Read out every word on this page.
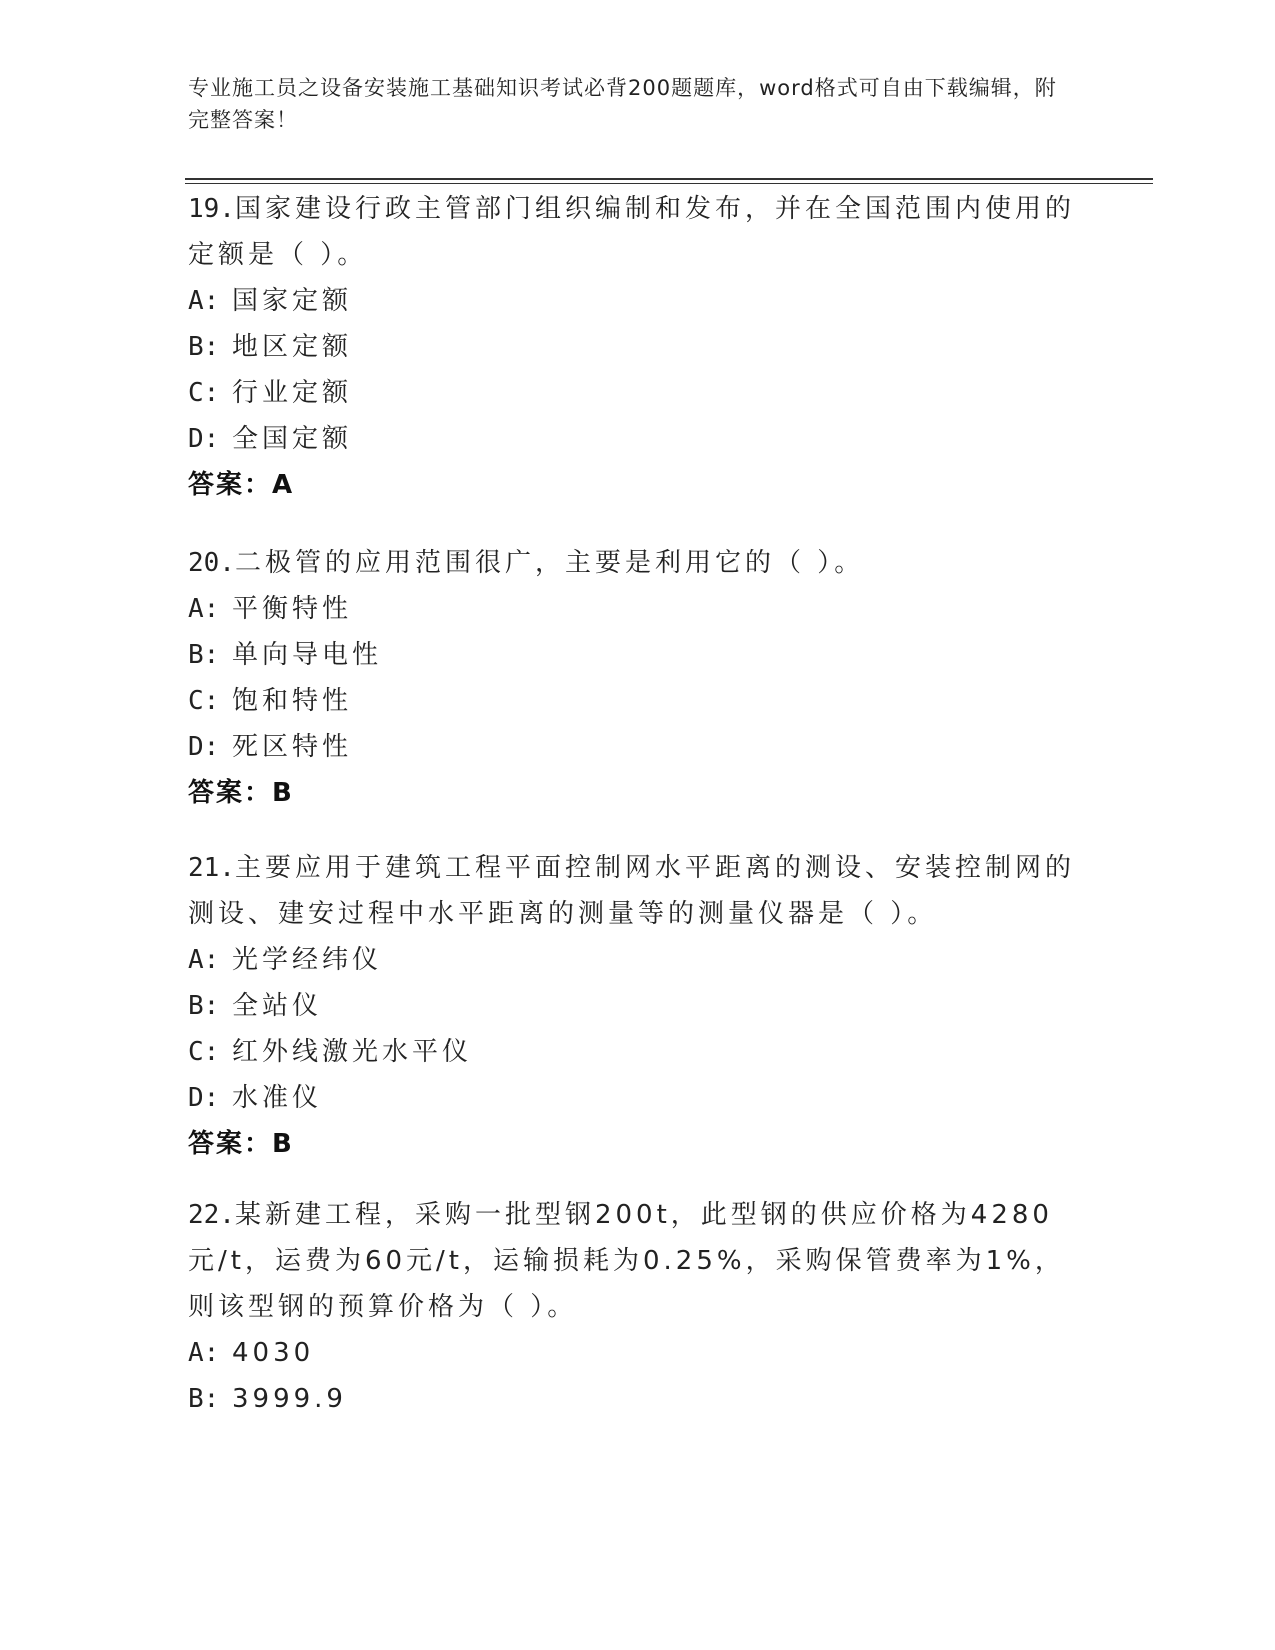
专业施工员之设备安装施工基础知识考试必背200题题库，word格式可自由下载编辑，附完整答案！
19.国家建设行政主管部门组织编制和发布，并在全国范围内使用的定额是（ ）。
A: 国家定额
B: 地区定额
C: 行业定额
D: 全国定额
答案：A
20.二极管的应用范围很广，主要是利用它的（ ）。
A: 平衡特性
B: 单向导电性
C: 饱和特性
D: 死区特性
答案：B
21.主要应用于建筑工程平面控制网水平距离的测设、安装控制网的测设、建安过程中水平距离的测量等的测量仪器是（ ）。
A: 光学经纬仪
B: 全站仪
C: 红外线激光水平仪
D: 水准仪
答案：B
22.某新建工程，采购一批型钢200t，此型钢的供应价格为4280元/t，运费为60元/t，运输损耗为0.25%，采购保管费率为1%，则该型钢的预算价格为（ ）。
A: 4030
B: 3999.9
